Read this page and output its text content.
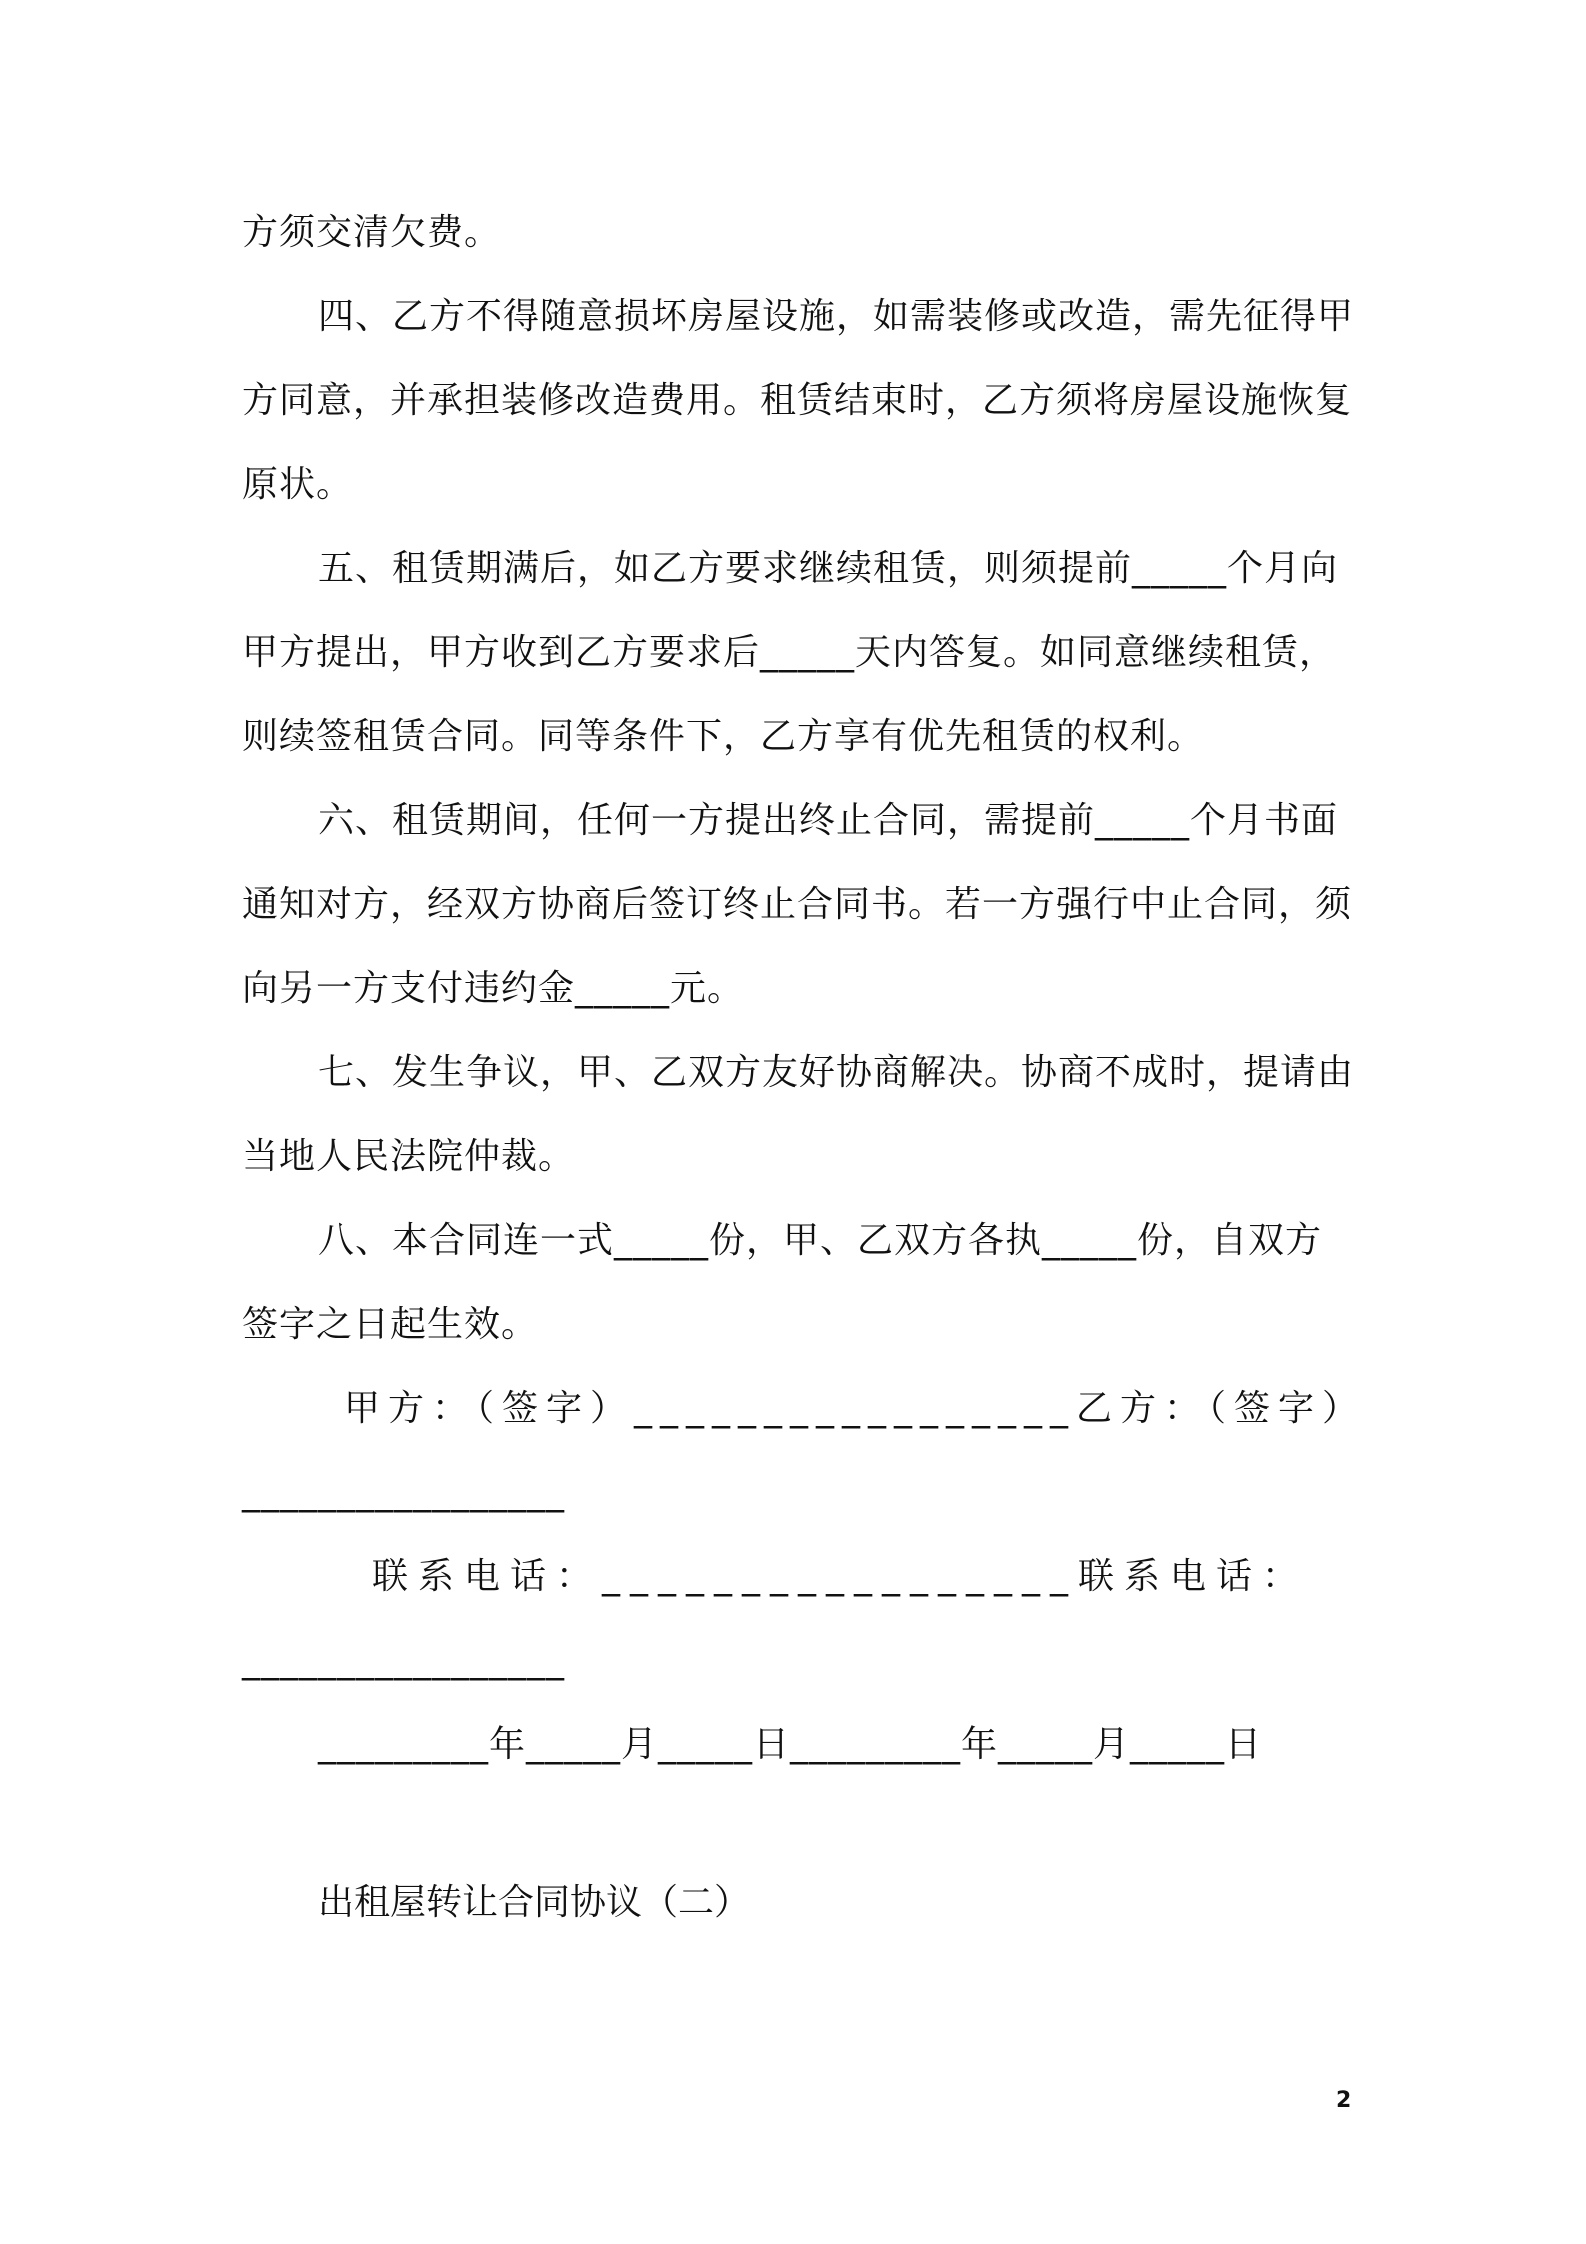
方须交清欠费。
四、乙方不得随意损坏房屋设施，如需装修或改造，需先征得甲
方同意，并承担装修改造费用。租赁结束时，乙方须将房屋设施恢复
原状。
五、租赁期满后，如乙方要求继续租赁，则须提前_____个月向
甲方提出，甲方收到乙方要求后_____天内答复。如同意继续租赁，
则续签租赁合同。同等条件下，乙方享有优先租赁的权利。
六、租赁期间，任何一方提出终止合同，需提前_____个月书面
通知对方，经双方协商后签订终止合同书。若一方强行中止合同，须
向另一方支付违约金_____元。
七、发生争议，甲、乙双方友好协商解决。协商不成时，提请由
当地人民法院仲裁。
八、本合同连一式_____份，甲、乙双方各执_____份，自双方
签字之日起生效。
甲方：（签字）_________________乙方：（签字）
_________________
联系电话：_________________联系电话：
_________________
_________年_____月_____日_________年_____月_____日
出租屋转让合同协议（二）
2
